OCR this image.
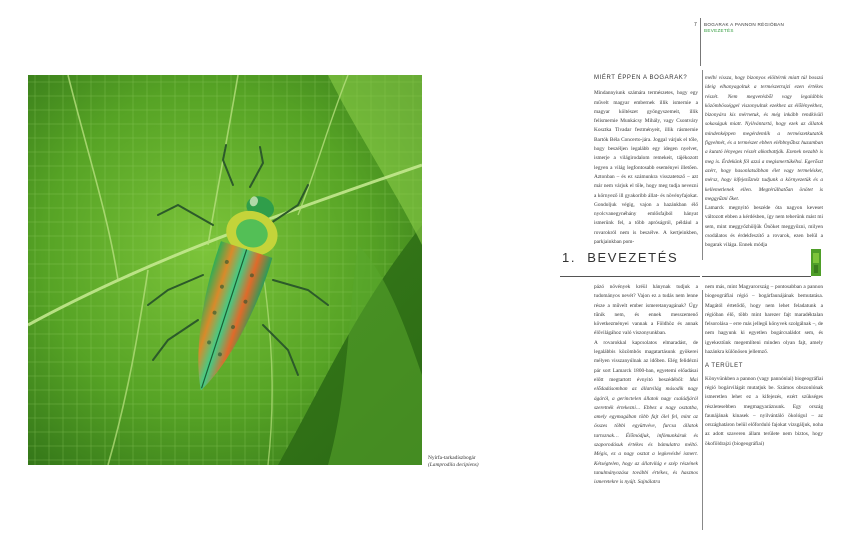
Nyírfa-tarkadíszbogár
(Lamprodila decipiens)
7 BOGARAK A PANNON RÉGIÓBAN
BEVEZETÉS
MIÉRT ÉPPEN A BOGARAK?

Mindannyiunk számára természetes, hogy egy művelt magyar embernek illik ismernie a magyar költészet gyöngyszemeit, illik felismernie Munkácsy Mihály, vagy Csontváry Kosztka Tivadar festményeit, illik rásmernie Bartók Béla Concerto-jára. Joggal várjuk el tőle, hogy beszéljen legalább egy idegen nyelvet, ismerje a világirodalom remekeit, tájékozott legyen a világ legfontosabb eseményei illetően. Aztonban – és ez számunkra visszatetsző – azt már nem várjuk el tőle, hogy meg tudja nevezni a környező ill gyakoribb állat- és növényfajokat. Gondoljuk végig, vajon a hazánkban élő nyolcvanegynéhány emlősfajból hányat ismerünk fel, a több apróságról, például a rovarokról nem is beszélve. A kertjeinkben, parkjainkban pom-

melbi vissza, hogy bizonyos elöltérnk miatt túl bosszú ideig elhanyagoltuk a természetrajzi ezen értékes részét. Nem megvetésből vagy legalábbis közömbösséggel viszonyultak ezekhez az élőlényekhez, bizonyára kis mérnetuk, és még inkább rendkívüli sokaságuk miatt. Nyilvántartá, hogy ezek az állatok mindenképpen megérdemlik a természetkutatók figyelmét, és a természet ebben elébbnyűbsz huzamban a kutató lényeges részét alkotbattják. Ezenek nezabb is meg is. Érdekünk föl azzá a megismertükéhsi. Egerőszt azért, hogy hasonlatsábban élet vagy termelésket, mérsz, hogy kifejezőznéz tudjunk a környezetük és a kellemetlenek ellen. Megtérülhatőan önötet is meggyűzni őket.

Lamarck megnyitó beszéde óta nagyon keveset változott ebben a kérdésben, így nem teherünk mást mi sem, mint meggyőzhöljük Önöket meggyőzni, milyen csodálatos és érdekfeszítő a rovarok, ezen belül a bogarak világa. Ennek módja

1. BEVEZETÉS

pázó növények kréül hánynak tudjuk a tudományos nevét? Vajon ez a tudás nem lenne része a művelt ember ismeretanyagának? Úgy tűnik nem, és ennek messzemenő következményei vannak a Földhöz és annak élővilágához való viszonyunkban.

A rovarokkal kapcsolatos elmaradást, de legalábbis közömbös magatartásunk gyökerei mélyen visszanyúlnak az időben. Elég felidézni pár sort Lamarck 1800-ban, egyetemi előadásai előtt megtartott évnyitó beszédéből: Mai elődadásomban az állatvilág második nagy ágáról, a gerinctelen állatok nagy családjáról szeretnék értekezni… Ebbez a nagy osztatba, amely egymagában több fajt ölel fel, mint az összes többi együttvéve, furcsa állatok tartoznak… Élőmódjuk, infómunkáruk és szaporodásuk értékes és bámulatra méltó. Mégis, ez a nagy osztat a legkevésbé ismert. Kétségtelen, hogy az állatvilág e szép részének tanulmányozása további értékes, és hasznos ismeretekre is nyújt. Sajnálatra

nem más, mint Magyarország – pontosabban a pannon biogeográfiai régió – bogárfaunájának bemutatása. Magától értetődő, hogy nem lehet feladatunk a régióban élő, több mint harezer fajt maradéktalan felsorolása – erre más jellegű könyvek szolgálnak –, de nem hagyunk ki egyetlen bogárcsaládot sem, és igyekeztünk megemlíteni minden olyan fajt, amely hazánkra különösen jellemző.

A TERÜLET

Könyvünkben a pannon (vagy pannóniai) biogeográfiai régió bogárvilágát mutatjuk be. Számos obszonlónak ismeretlen lehet ez a kifejezés, ezért szükséges részletesebben megmagyaráznunk. Egy ország faunájának kinasek – nyilvántáló ökológul – az országhatáron belül előforduló fajokat vizsgáljuk, noha az adott szaveren állam területe nem biztos, hogy ökoföldrajzi (biogeográfiai)
